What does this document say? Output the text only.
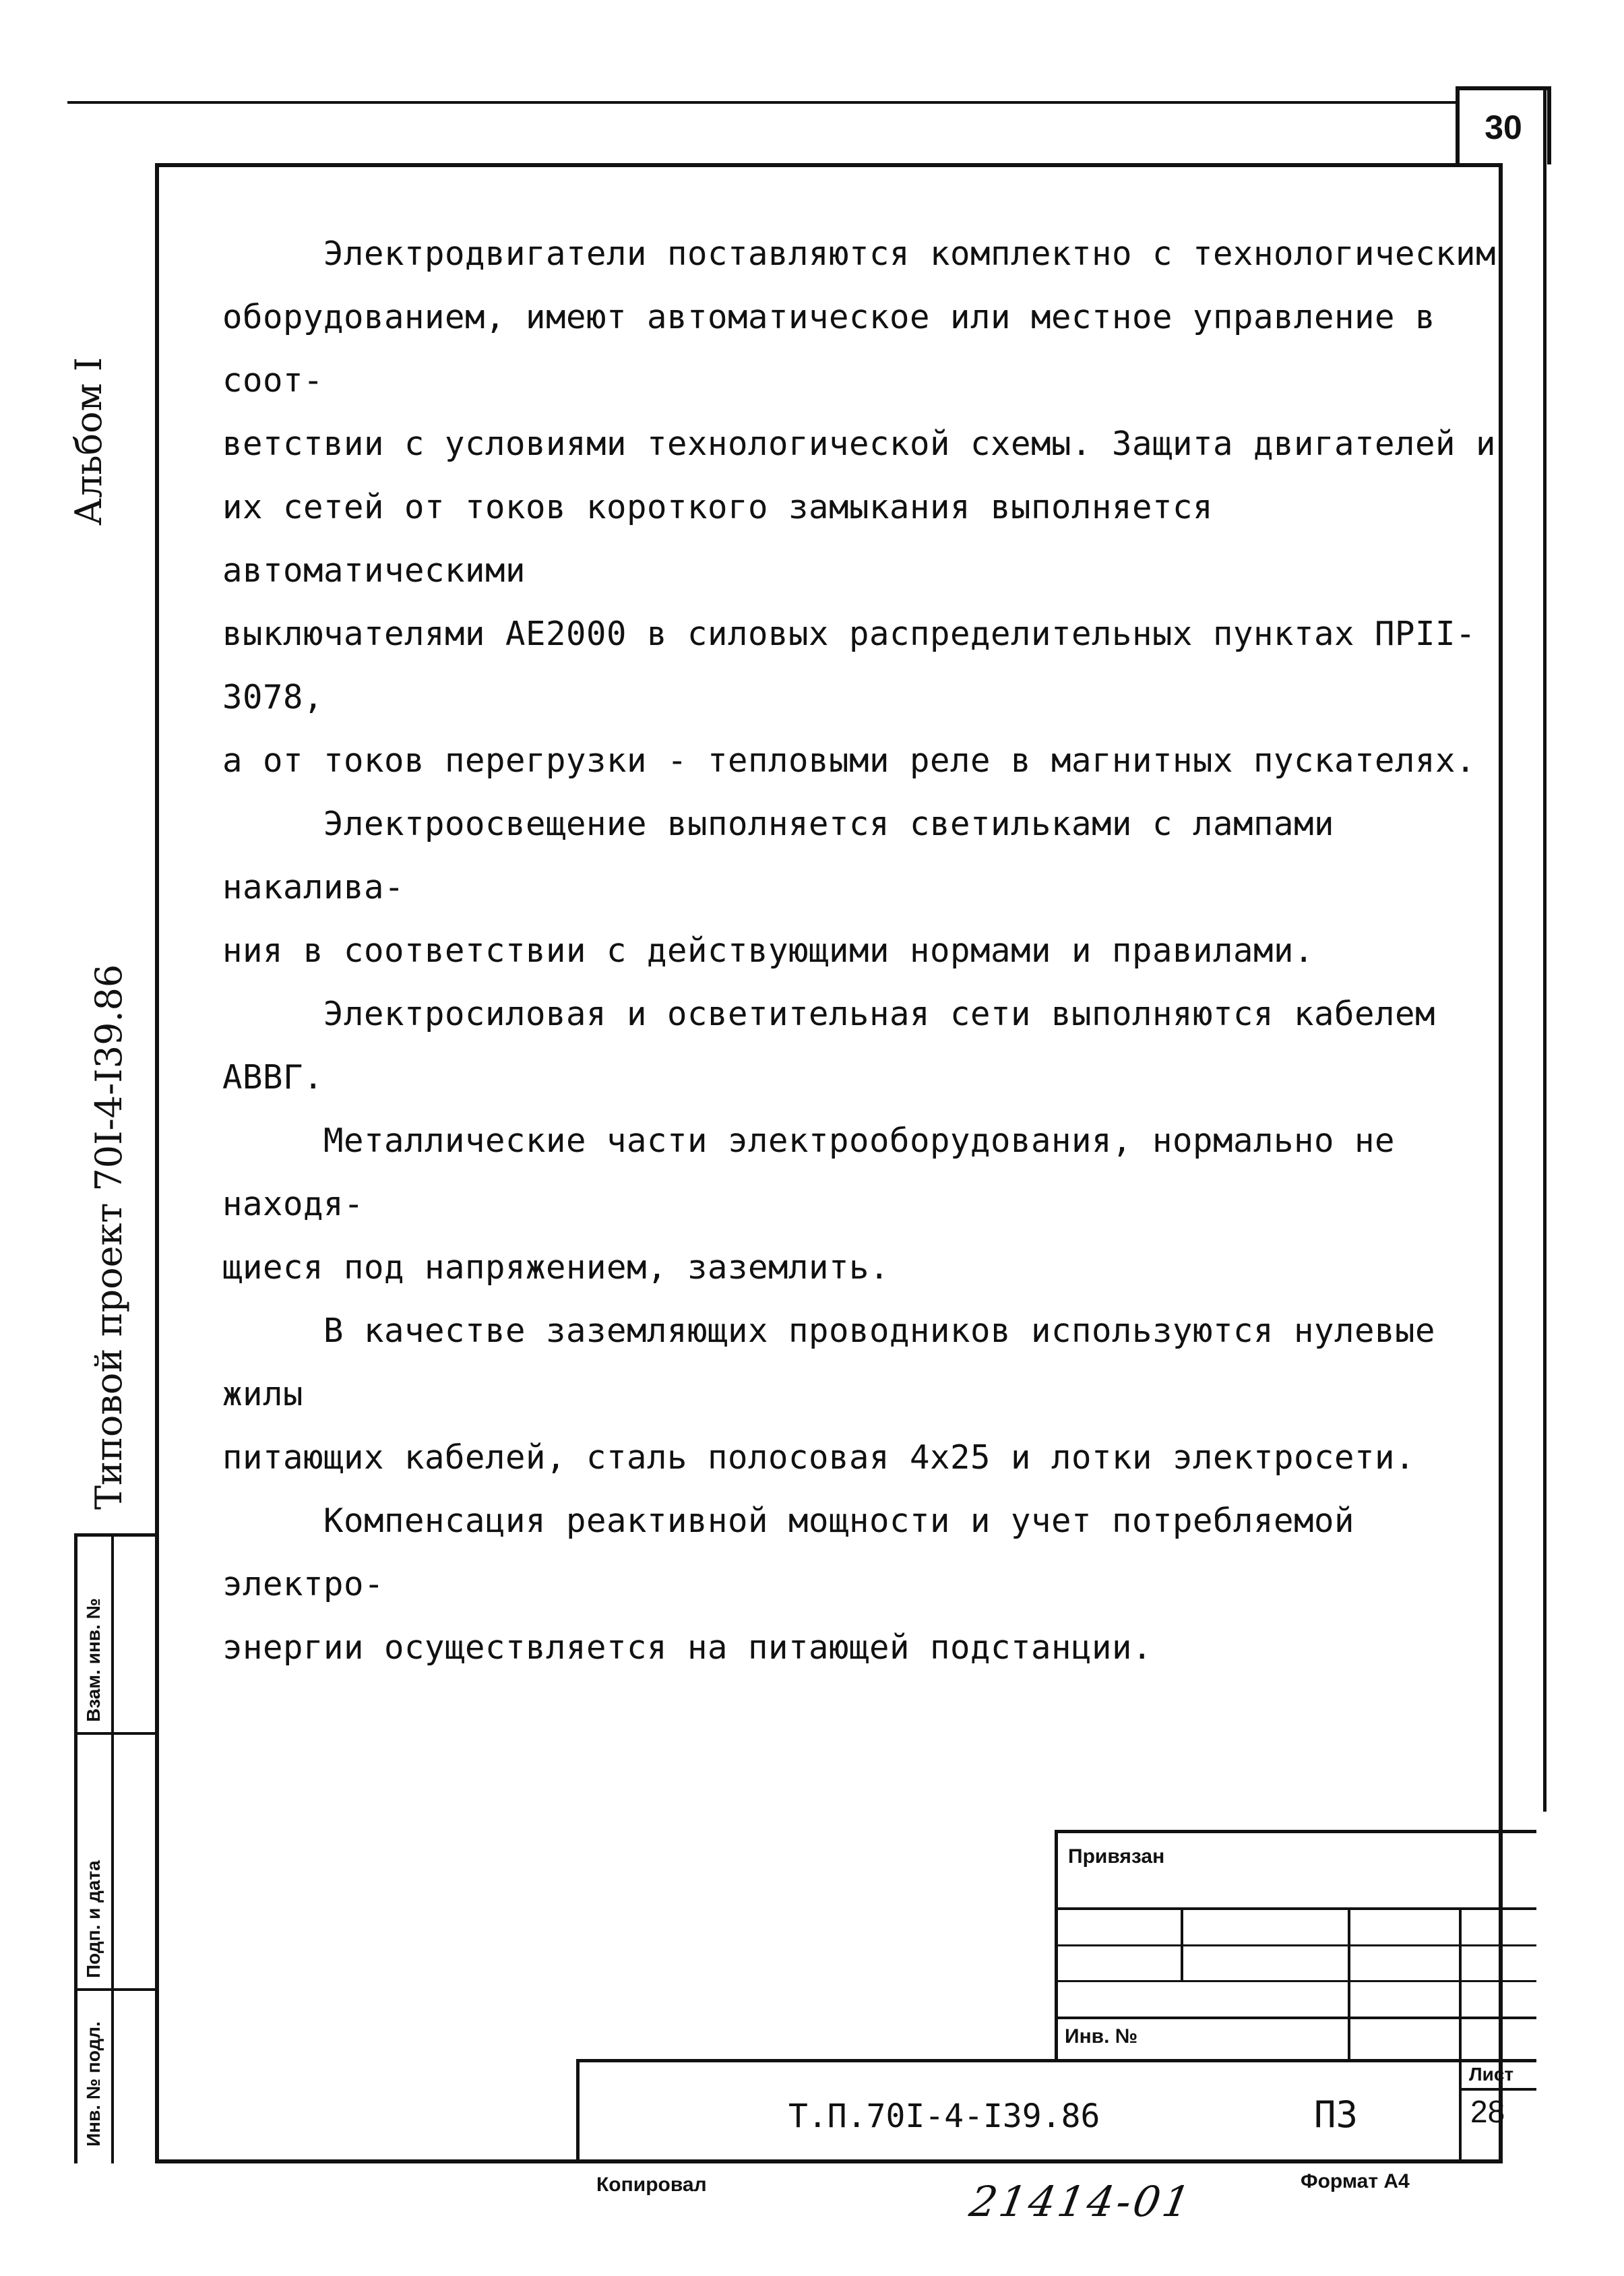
30
Альбом I
Типовой проект 70I-4-I39.86
Взам. инв. №
Подп. и дата
Инв. № подл.

Электродвигатели поставляются комплектно с технологическим
оборудованием, имеют автоматическое или местное управление в соот-
ветствии с условиями технологической схемы. Защита двигателей и
их сетей от токов короткого замыкания выполняется автоматическими
выключателями АЕ2000 в силовых распределительных пунктах ПРII-3078,
а от токов перегрузки - тепловыми реле в магнитных пускателях.

Электроосвещение выполняется светильками с лампами накалива-
ния в соответствии с действующими нормами и правилами.

Электросиловая и осветительная сети выполняются кабелем АВВГ.

Металлические части электрооборудования, нормально не находя-
щиеся под напряжением, заземлить.

В качестве заземляющих проводников используются нулевые жилы
питающих кабелей, сталь полосовая 4х25 и лотки электросети.

Компенсация реактивной мощности и учет потребляемой электро-
энергии осуществляется на питающей подстанции.

Привязан
Инв. №
Т.П.70I-4-I39.86	П3
Лист
28
Копировал	Формат А4
21414-01
